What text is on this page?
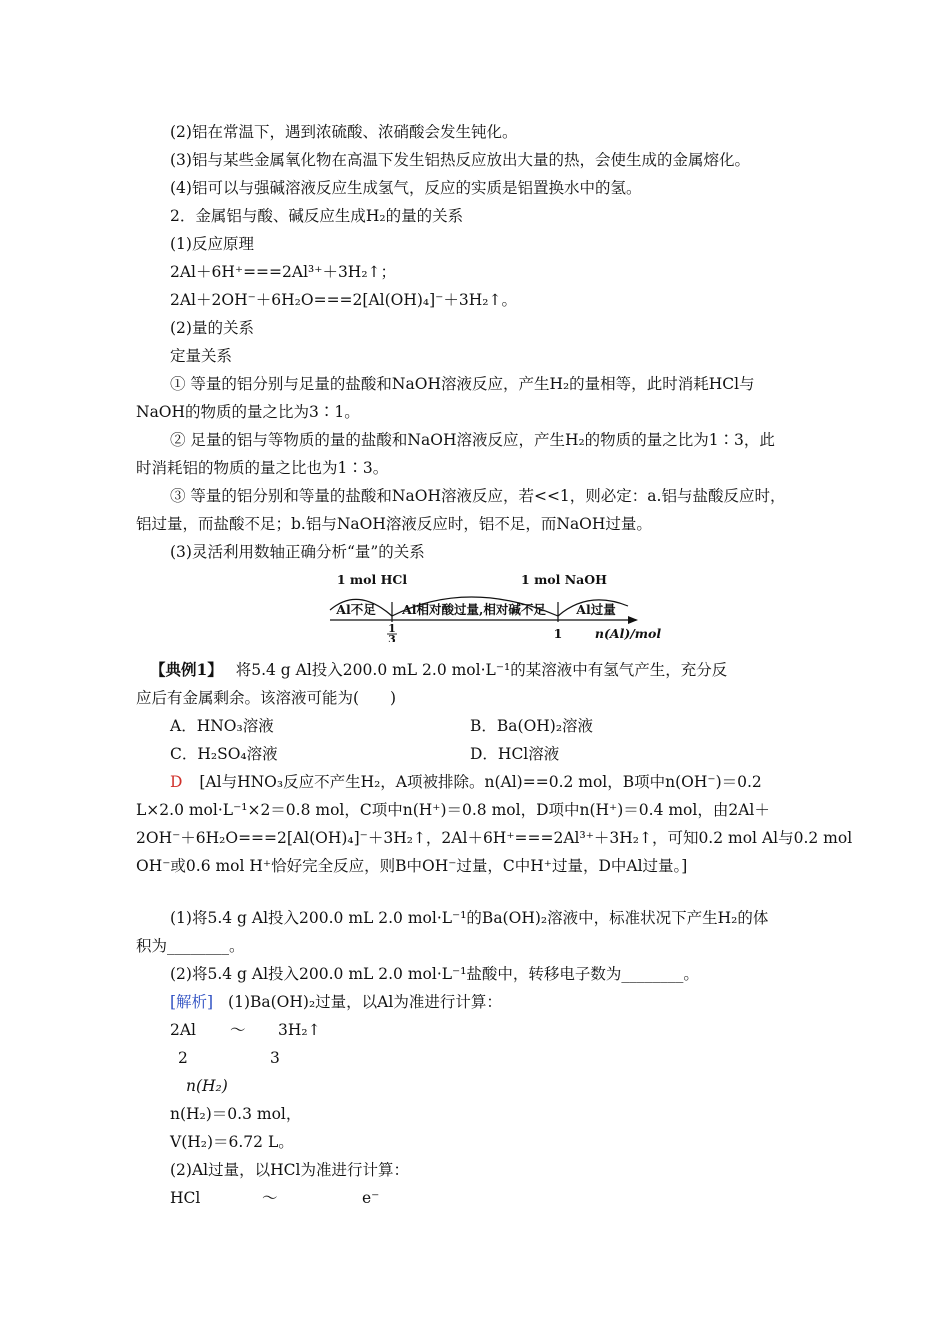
(2)铝在常温下，遇到浓硫酸、浓硝酸会发生钝化。
(3)铝与某些金属氧化物在高温下发生铝热反应放出大量的热，会使生成的金属熔化。
(4)铝可以与强碱溶液反应生成氢气，反应的实质是铝置换水中的氢。
2．金属铝与酸、碱反应生成H₂的量的关系
(1)反应原理
2Al＋6H⁺===2Al³⁺＋3H₂↑；
2Al＋2OH⁻＋6H₂O===2[Al(OH)₄]⁻＋3H₂↑。
(2)量的关系
定量关系
① 等量的铝分别与足量的盐酸和NaOH溶液反应，产生H₂的量相等，此时消耗HCl与
NaOH的物质的量之比为3∶1。
② 足量的铝与等物质的量的盐酸和NaOH溶液反应，产生H₂的物质的量之比为1∶3，此
时消耗铝的物质的量之比也为1∶3。
③ 等量的铝分别和等量的盐酸和NaOH溶液反应，若<<1，则必定：a.铝与盐酸反应时，
铝过量，而盐酸不足；b.铝与NaOH溶液反应时，铝不足，而NaOH过量。
(3)灵活利用数轴正确分析“量”的关系
1 mol HCl	1 mol NaOH
Al不足 Al相对酸过量,相对碱不足 Al过量
1
3	1	n(Al)/mol
【典例1】 将5.4 g Al投入200.0 mL 2.0 mol·L⁻¹的某溶液中有氢气产生，充分反
应后有金属剩余。该溶液可能为(　　)
A．HNO₃溶液	B．Ba(OH)₂溶液
C．H₂SO₄溶液	D．HCl溶液
D [Al与HNO₃反应不产生H₂，A项被排除。n(Al)==0.2 mol，B项中n(OH⁻)＝0.2
L×2.0 mol·L⁻¹×2＝0.8 mol，C项中n(H⁺)＝0.8 mol，D项中n(H⁺)＝0.4 mol，由2Al＋
2OH⁻＋6H₂O===2[Al(OH)₄]⁻＋3H₂↑，2Al＋6H⁺===2Al³⁺＋3H₂↑，可知0.2 mol Al与0.2 mol
OH⁻或0.6 mol H⁺恰好完全反应，则B中OH⁻过量，C中H⁺过量，D中Al过量。]
(1)将5.4 g Al投入200.0 mL 2.0 mol·L⁻¹的Ba(OH)₂溶液中，标准状况下产生H₂的体
积为________。
(2)将5.4 g Al投入200.0 mL 2.0 mol·L⁻¹盐酸中，转移电子数为________。
[解析] (1)Ba(OH)₂过量，以Al为准进行计算：
2Al ～ 3H₂↑
2	3
n(H₂)
n(H₂)＝0.3 mol，
V(H₂)＝6.72 L。
(2)Al过量，以HCl为准进行计算：
HCl	～	e⁻
